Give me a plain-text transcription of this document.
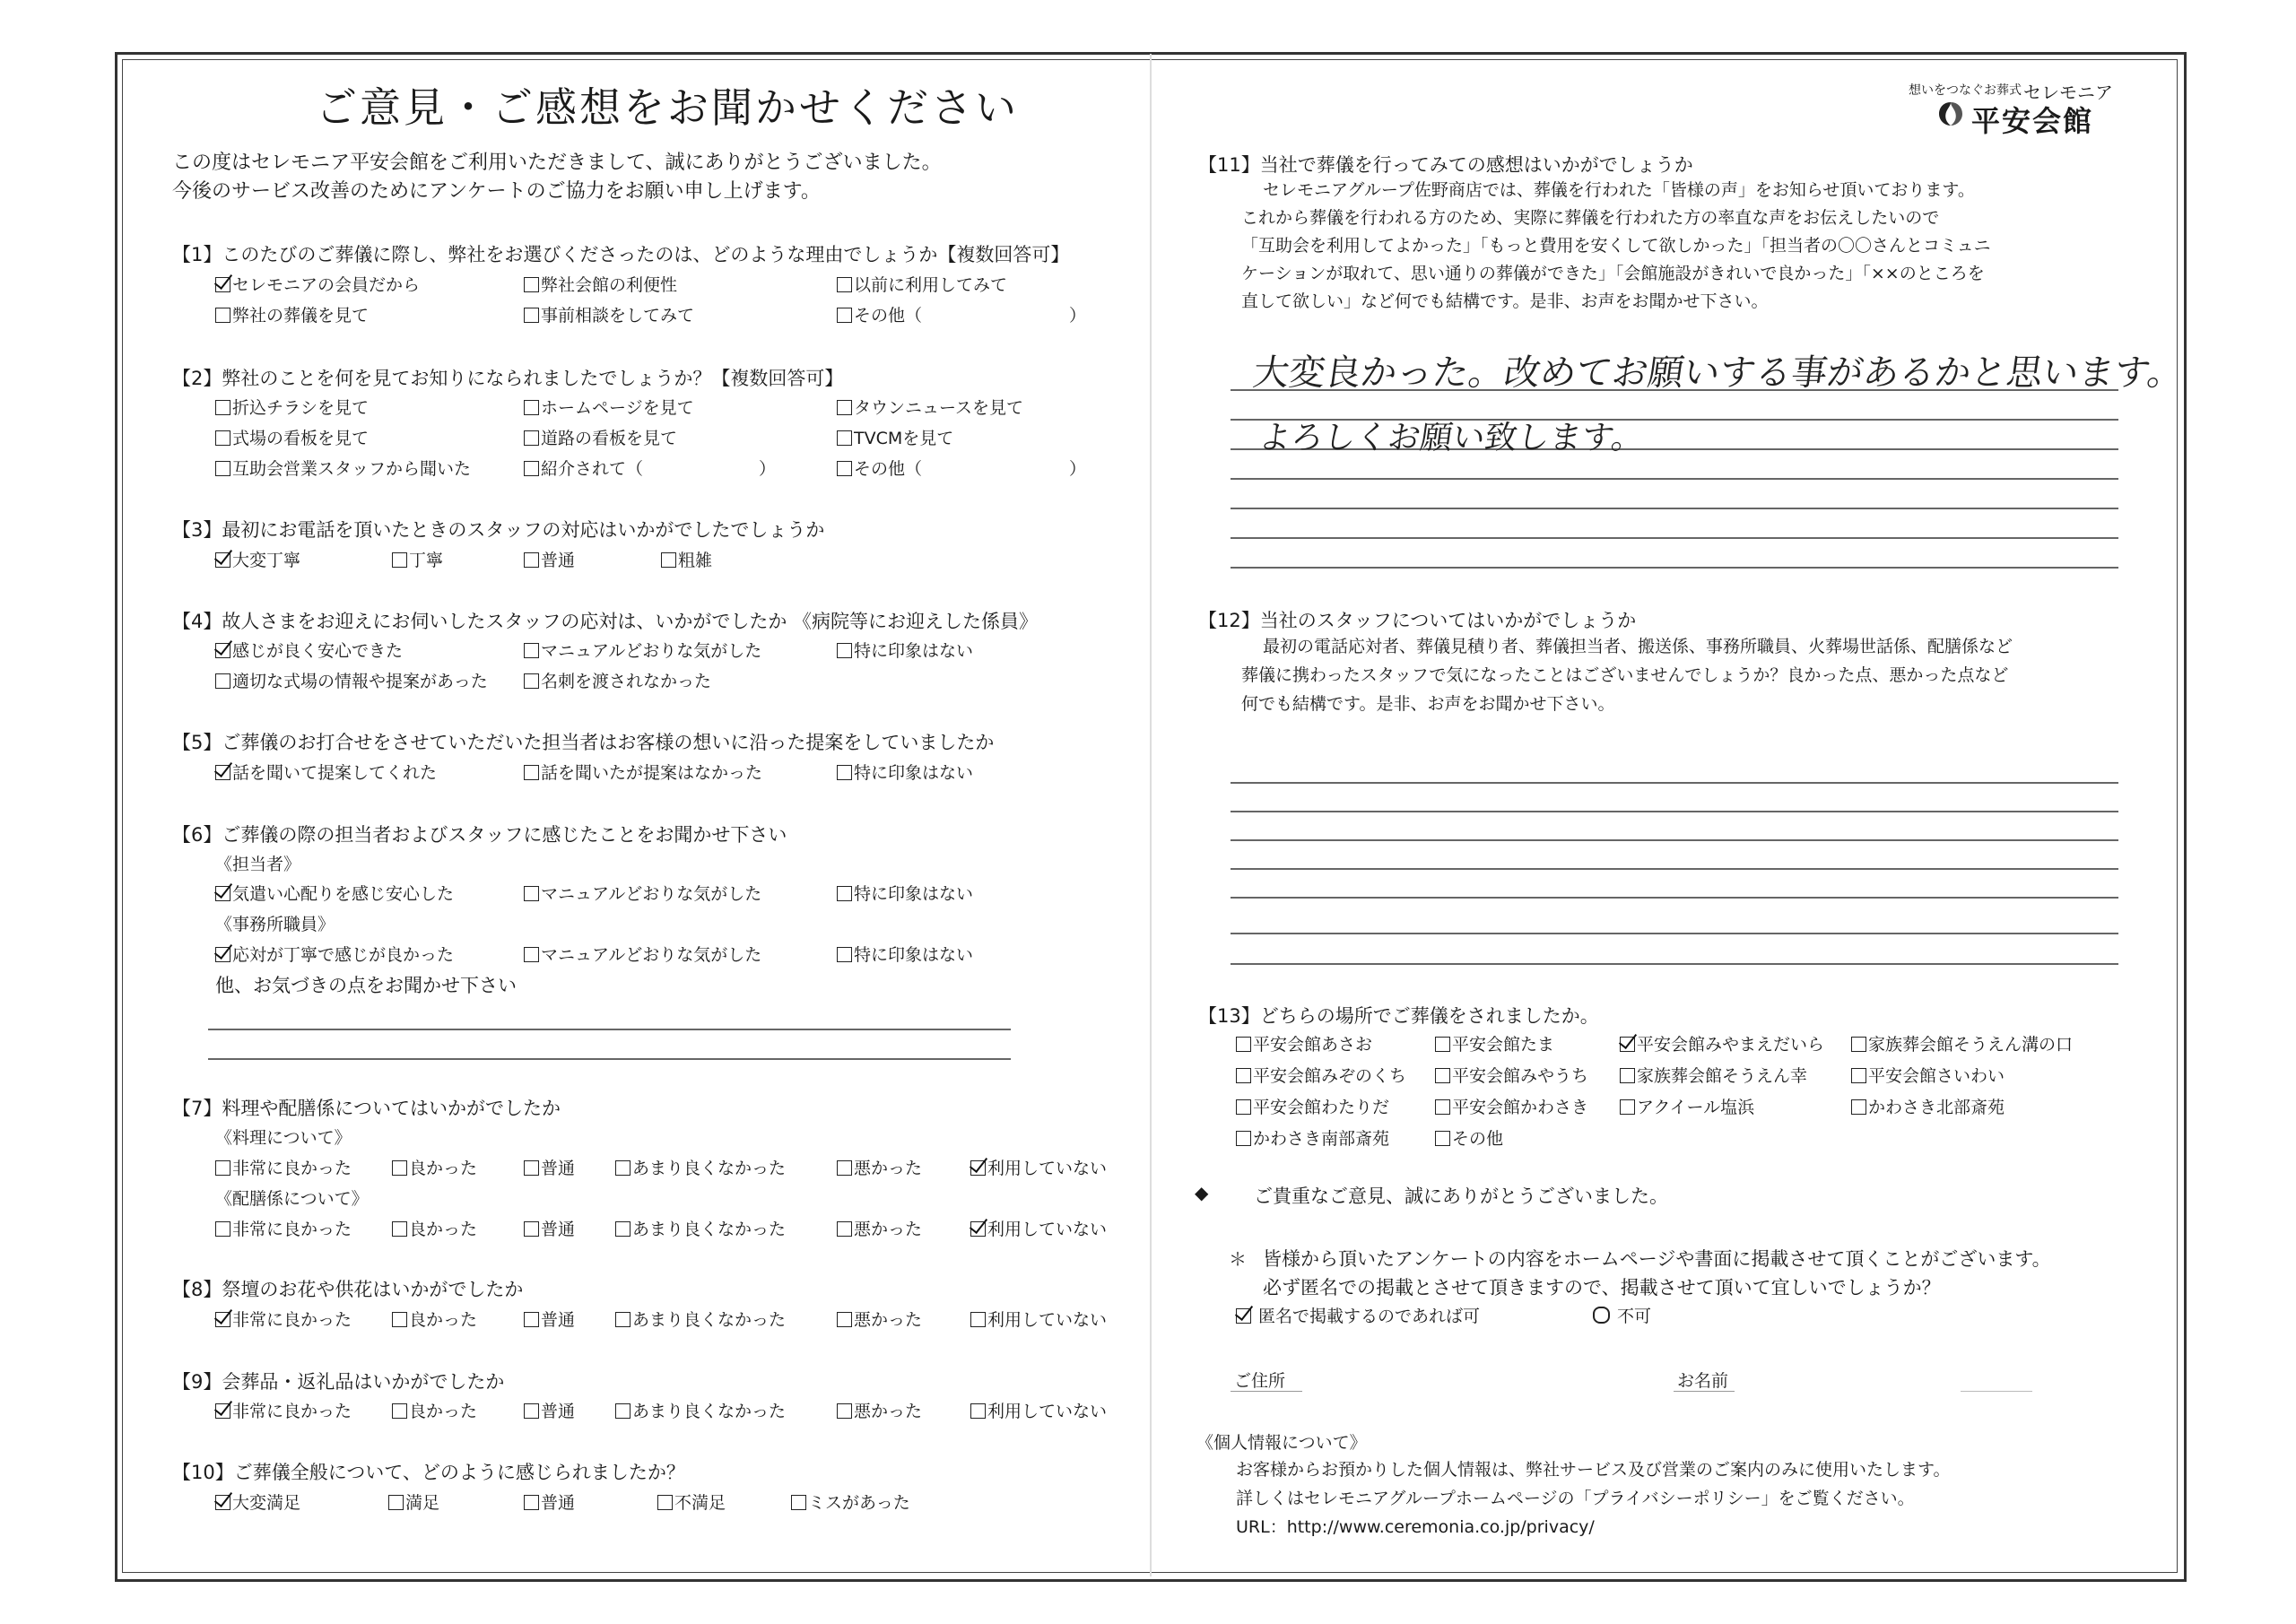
ご意見・ご感想をお聞かせください
この度はセレモニア平安会館をご利用いただきまして、誠にありがとうございました。
今後のサービス改善のためにアンケートのご協力をお願い申し上げます。
【1】このたびのご葬儀に際し、弊社をお選びくださったのは、どのような理由でしょうか【複数回答可】
セレモニアの会員だから	弊社会館の利便性	以前に利用してみて
弊社の葬儀を見て	事前相談をしてみて	その他（	）
【2】弊社のことを何を見てお知りになられましたでしょうか？【複数回答可】
折込チラシを見て	ホームページを見て	タウンニュースを見て
式場の看板を見て	道路の看板を見て	TVCMを見て
互助会営業スタッフから聞いた	紹介されて（	）	その他（	）
【3】最初にお電話を頂いたときのスタッフの対応はいかがでしたでしょうか
大変丁寧	丁寧	普通	粗雑
【4】故人さまをお迎えにお伺いしたスタッフの応対は、いかがでしたか 《病院等にお迎えした係員》
感じが良く安心できた	マニュアルどおりな気がした	特に印象はない
適切な式場の情報や提案があった	名刺を渡されなかった
【5】ご葬儀のお打合せをさせていただいた担当者はお客様の想いに沿った提案をしていましたか
話を聞いて提案してくれた	話を聞いたが提案はなかった	特に印象はない
【6】ご葬儀の際の担当者およびスタッフに感じたことをお聞かせ下さい
《担当者》
気遣い心配りを感じ安心した	マニュアルどおりな気がした	特に印象はない
《事務所職員》
応対が丁寧で感じが良かった	マニュアルどおりな気がした	特に印象はない
他、お気づきの点をお聞かせ下さい
【7】料理や配膳係についてはいかがでしたか
《料理について》
非常に良かった	良かった	普通	あまり良くなかった	悪かった	利用していない
《配膳係について》
非常に良かった	良かった	普通	あまり良くなかった	悪かった	利用していない
【8】祭壇のお花や供花はいかがでしたか
非常に良かった	良かった	普通	あまり良くなかった	悪かった	利用していない
【9】会葬品・返礼品はいかがでしたか
非常に良かった	良かった	普通	あまり良くなかった	悪かった	利用していない
【10】ご葬儀全般について、どのように感じられましたか？
大変満足	満足	普通	不満足	ミスがあった
想いをつなぐお葬式 セレモニア
平安会館
【11】当社で葬儀を行ってみての感想はいかがでしょうか
セレモニアグループ佐野商店では、葬儀を行われた「皆様の声」をお知らせ頂いております。
これから葬儀を行われる方のため、実際に葬儀を行われた方の率直な声をお伝えしたいので
「互助会を利用してよかった」「もっと費用を安くして欲しかった」「担当者の〇〇さんとコミュニ
ケーションが取れて、思い通りの葬儀ができた」「会館施設がきれいで良かった」「××のところを
直して欲しい」など何でも結構です。是非、お声をお聞かせ下さい。
大変良かった。改めてお願いする事があるかと思います。
よろしくお願い致します。
【12】当社のスタッフについてはいかがでしょうか
最初の電話応対者、葬儀見積り者、葬儀担当者、搬送係、事務所職員、火葬場世話係、配膳係など
葬儀に携わったスタッフで気になったことはございませんでしょうか？良かった点、悪かった点など
何でも結構です。是非、お声をお聞かせ下さい。
【13】どちらの場所でご葬儀をされましたか。
平安会館あさお	平安会館たま	平安会館みやまえだいら	家族葬会館そうえん溝の口
平安会館みぞのくち	平安会館みやうち	家族葬会館そうえん幸	平安会館さいわい
平安会館わたりだ	平安会館かわさき	アクイール塩浜	かわさき北部斎苑
かわさき南部斎苑	その他
◆ ご貴重なご意見、誠にありがとうございました。
＊ 皆様から頂いたアンケートの内容をホームページや書面に掲載させて頂くことがございます。
必ず匿名での掲載とさせて頂きますので、掲載させて頂いて宜しいでしょうか？
匿名で掲載するのであれば可	不可
ご住所	お名前
《個人情報について》
お客様からお預かりした個人情報は、弊社サービス及び営業のご案内のみに使用いたします。
詳しくはセレモニアグループホームページの「プライバシーポリシー」をご覧ください。
URL：http://www.ceremonia.co.jp/privacy/
